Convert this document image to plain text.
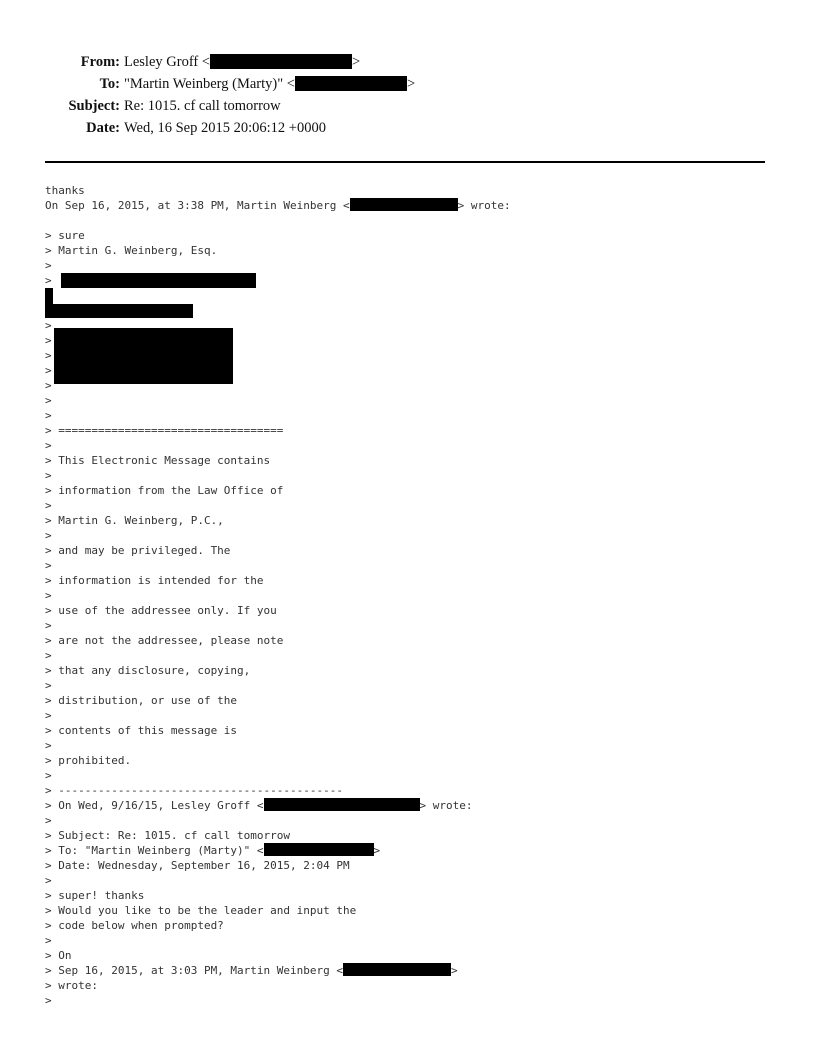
From: Lesley Groff <	>
To: "Martin Weinberg (Marty)" <	>
Subject: Re: 1015. cf call tomorrow
Date: Wed, 16 Sep 2015 20:06:12 +0000
thanks
On Sep 16, 2015, at 3:38 PM, Martin Weinberg <	> wrote:
> sure
> Martin G. Weinberg, Esq.
>
>
>
>
>
>
>
>
>
> ==================================
>
> This Electronic Message contains
>
> information from the Law Office of
>
> Martin G. Weinberg, P.C.,
>
> and may be privileged. The
>
> information is intended for the
>
> use of the addressee only. If you
>
> are not the addressee, please note
>
> that any disclosure, copying,
>
> distribution, or use of the
>
> contents of this message is
>
> prohibited.
>
> -------------------------------------------
> On Wed, 9/16/15, Lesley Groff <	> wrote:
>
> Subject: Re: 1015. cf call tomorrow
> To: "Martin Weinberg (Marty)" <	>
> Date: Wednesday, September 16, 2015, 2:04 PM
>
> super! thanks
> Would you like to be the leader and input the
> code below when prompted?
>
> On
> Sep 16, 2015, at 3:03 PM, Martin Weinberg <	>
> wrote:
>
